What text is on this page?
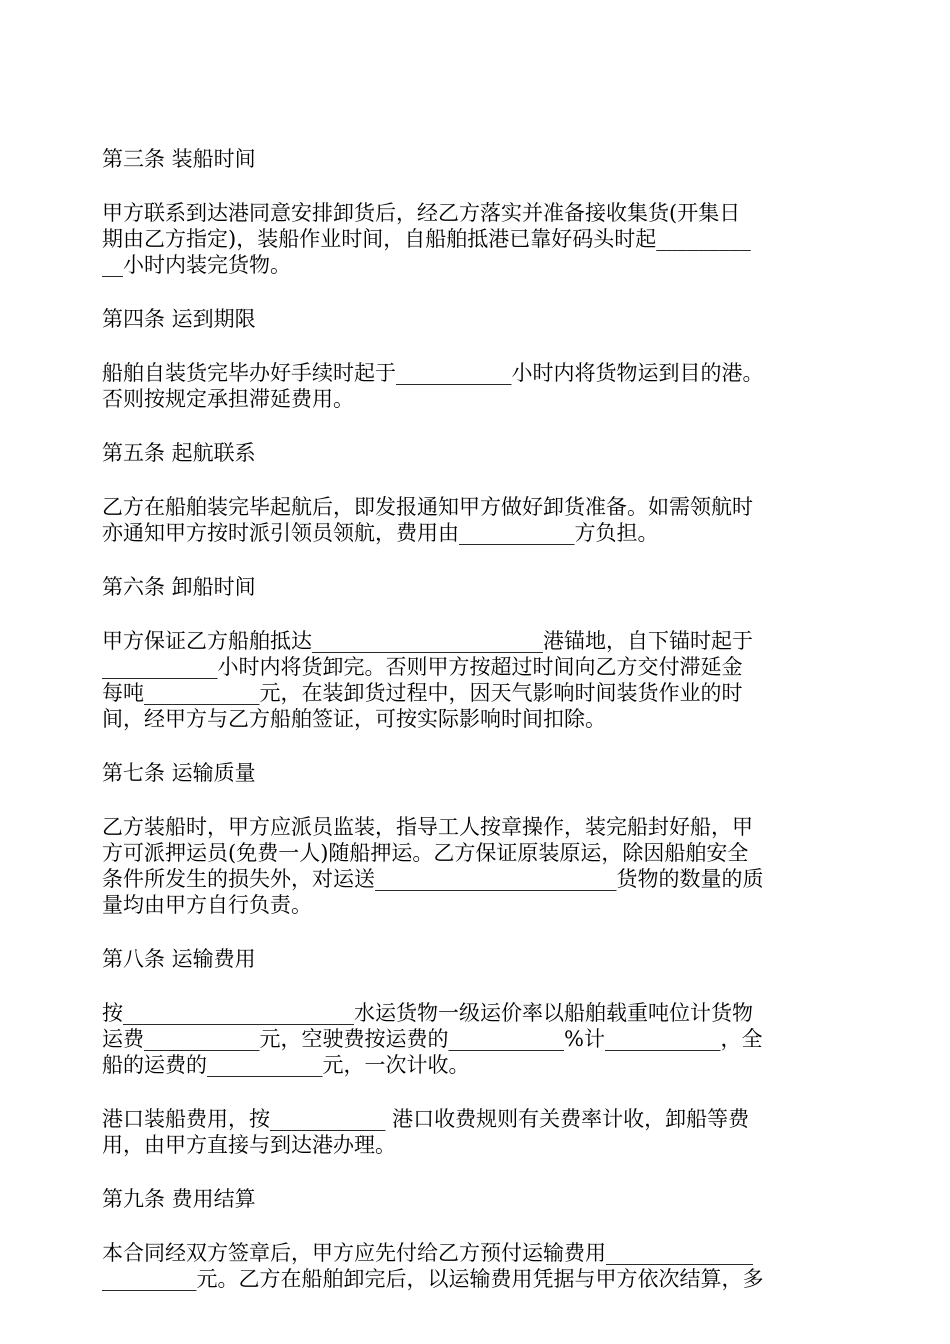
第三条 装船时间
甲方联系到达港同意安排卸货后，经乙方落实并准备接收集货(开集日
期由乙方指定)，装船作业时间，自船舶抵港已靠好码头时起_________
__小时内装完货物。
第四条 运到期限
船舶自装货完毕办好手续时起于___________小时内将货物运到目的港。
否则按规定承担滞延费用。
第五条 起航联系
乙方在船舶装完毕起航后，即发报通知甲方做好卸货准备。如需领航时
亦通知甲方按时派引领员领航，费用由___________方负担。
第六条 卸船时间
甲方保证乙方船舶抵达______________________港锚地，自下锚时起于
___________小时内将货卸完。否则甲方按超过时间向乙方交付滞延金
每吨___________元，在装卸货过程中，因天气影响时间装货作业的时
间，经甲方与乙方船舶签证，可按实际影响时间扣除。
第七条 运输质量
乙方装船时，甲方应派员监装，指导工人按章操作，装完船封好船，甲
方可派押运员(免费一人)随船押运。乙方保证原装原运，除因船舶安全
条件所发生的损失外，对运送_______________________货物的数量的质
量均由甲方自行负责。
第八条 运输费用
按______________________水运货物一级运价率以船舶载重吨位计货物
运费___________元，空驶费按运费的___________%计___________，全
船的运费的___________元，一次计收。
港口装船费用，按___________ 港口收费规则有关费率计收，卸船等费
用，由甲方直接与到达港办理。
第九条 费用结算
本合同经双方签章后，甲方应先付给乙方预付运输费用______________
_________元。乙方在船舶卸完后，以运输费用凭据与甲方依次结算，多
